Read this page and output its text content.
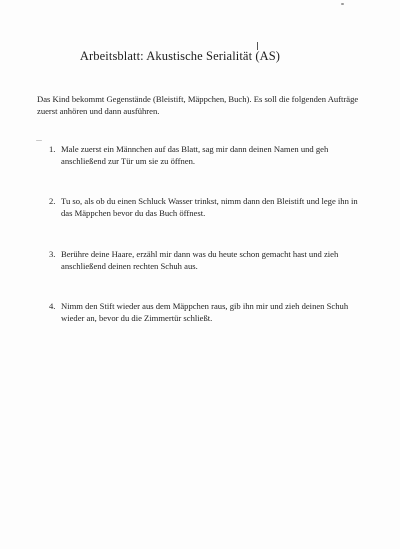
Arbeitsblatt: Akustische Serialität (AS)
Das Kind bekommt Gegenstände (Bleistift, Mäppchen, Buch). Es soll die folgenden Aufträge zuerst anhören und dann ausführen.
1. Male zuerst ein Männchen auf das Blatt, sag mir dann deinen Namen und geh anschließend zur Tür um sie zu öffnen.
2. Tu so, als ob du einen Schluck Wasser trinkst, nimm dann den Bleistift und lege ihn in das Mäppchen bevor du das Buch öffnest.
3. Berühre deine Haare, erzähl mir dann was du heute schon gemacht hast und zieh anschließend deinen rechten Schuh aus.
4. Nimm den Stift wieder aus dem Mäppchen raus, gib ihn mir und zieh deinen Schuh wieder an, bevor du die Zimmertür schließt.
